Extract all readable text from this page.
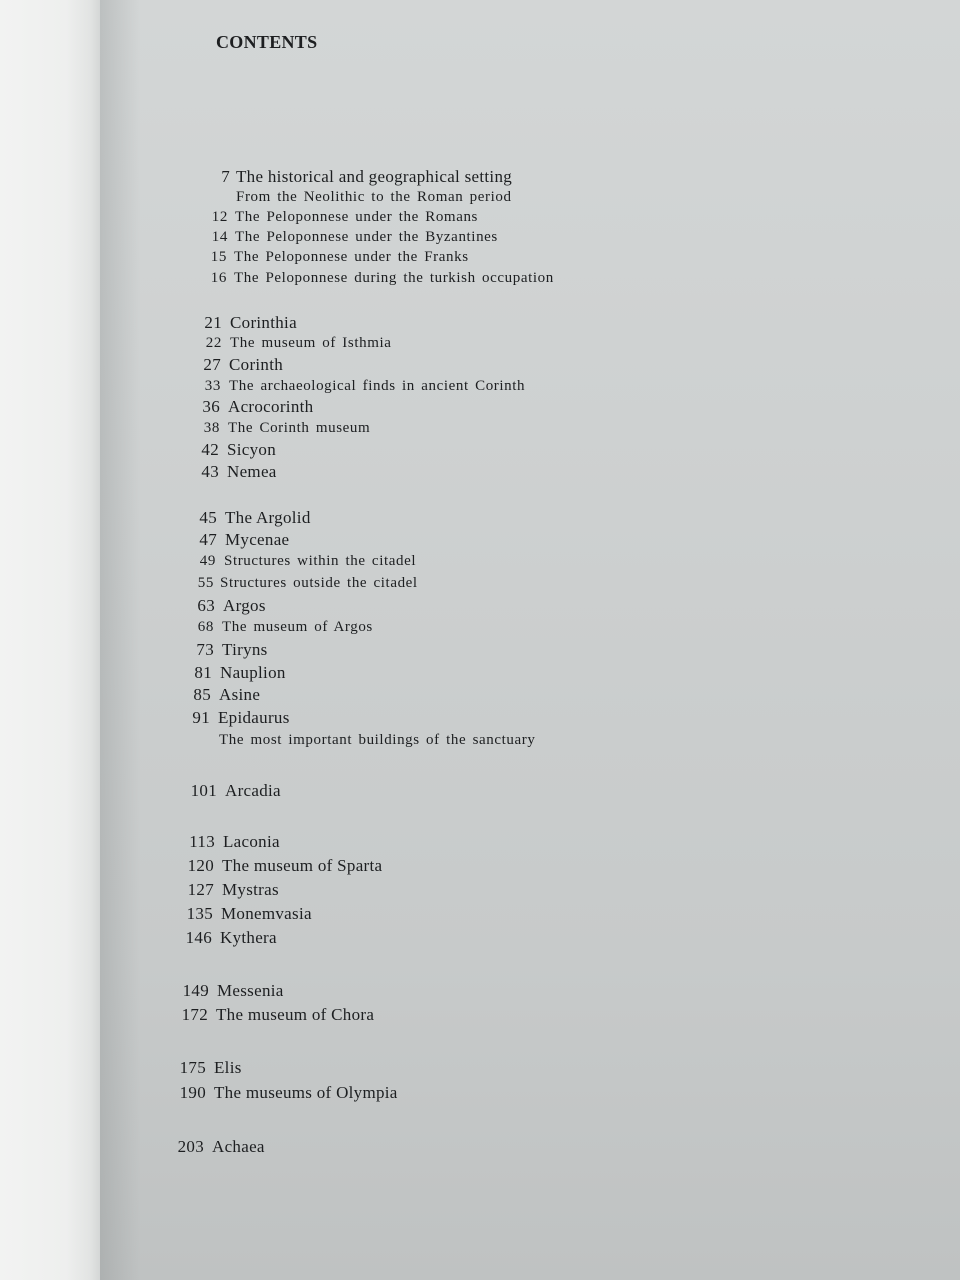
CONTENTS
7 The historical and geographical setting
From the Neolithic to the Roman period
12 The Peloponnese under the Romans
14 The Peloponnese under the Byzantines
15 The Peloponnese under the Franks
16 The Peloponnese during the turkish occupation
21 Corinthia
22 The museum of Isthmia
27 Corinth
33 The archaeological finds in ancient Corinth
36 Acrocorinth
38 The Corinth museum
42 Sicyon
43 Nemea
45 The Argolid
47 Mycenae
49 Structures within the citadel
55 Structures outside the citadel
63 Argos
68 The museum of Argos
73 Tiryns
81 Nauplion
85 Asine
91 Epidaurus
The most important buildings of the sanctuary
101 Arcadia
113 Laconia
120 The museum of Sparta
127 Mystras
135 Monemvasia
146 Kythera
149 Messenia
172 The museum of Chora
175 Elis
190 The museums of Olympia
203 Achaea
